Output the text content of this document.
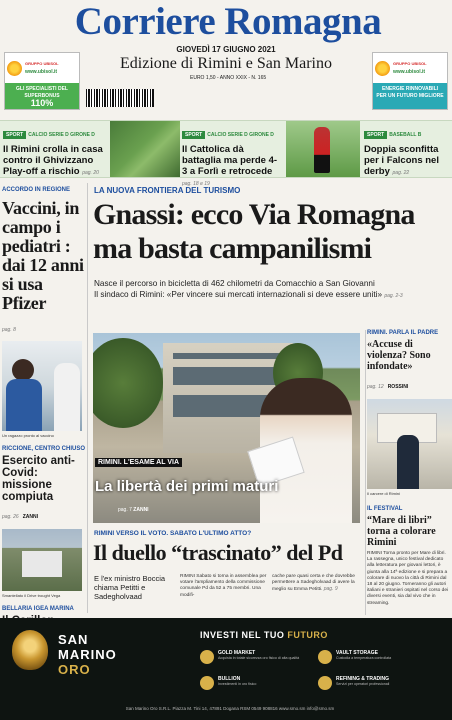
Corriere Romagna
GIOVEDÌ 17 GIUGNO 2021
Edizione di Rimini e San Marino
EURO 1,50 - ANNO XXIX - N. 165
GRUPPO UBISOL
www.ubisol.it
GLI SPECIALISTI DEL SUPERBONUS
110%
GRUPPO UBISOL
www.ubisol.it
ENERGIE RINNOVABILI
PER UN FUTURO MIGLIORE
SPORT CALCIO SERIE D GIRONE D
Il Rimini crolla in casa contro il Ghivizzano Play-off a rischio pag. 20
SPORT CALCIO SERIE D GIRONE D
Il Cattolica dà battaglia ma perde 4-3 a Forlì e retrocede pag. 18 e 19
SPORT BASEBALL B
Doppia sconfitta per i Falcons nel derby pag. 22
ACCORDO IN REGIONE
Vaccini, in campo i pediatri : dai 12 anni si usa Pfizer
pag. 8
Un ragazzo pronto al vaccino
RICCIONE, CENTRO CHIUSO
Esercito anti-Covid: missione compiuta
pag. 26 ZANNI
Smantellato il Drive trought Vega
BELLARIA IGEA MARINA
LA NUOVA FRONTIERA DEL TURISMO
Gnassi: ecco Via Romagna ma basta campanilismi
Nasce il percorso in bicicletta di 462 chilometri da Comacchio a San Giovanni
Il sindaco di Rimini: «Per vincere sui mercati internazionali si deve essere uniti» pag. 2-3
RIMINI. L'ESAME AL VIA
La libertà dei primi maturi
pag. 7 ZANNI
RIMINI VERSO IL VOTO. SABATO L'ULTIMO ATTO?
Il duello “trascinato” del Pd
E l'ex ministro Boccia chiama Petitti e Sadegholvaad
RIMINI Sabato si torna in assemblea per votare l'ampliamento della commissione comunale Pd da 52 a 75 membri. Una modifi-
cache pare quasi certa e che dovrebbe permettere a Sadegholvaad di avere la meglio su Emma Petitti. pag. 9
RIMINI. PARLA IL PADRE
«Accuse di violenza? Sono infondate»
pag. 12 ROSSINI
Il carcere di Rimini
IL FESTIVAL
“Mare di libri” torna a colorare Rimini
RIMINI Torna pronto per Mare di libri. La rassegna, unico festival dedicato alla letteratura per giovani lettori, è giunta alla 14ª edizione e si prepara a colorare di nuovo la città di Rimini dal 18 al 20 giugno. Torneranno gli autori italiani e stranieri ospitati nel corso dei diversi eventi, sia dal vivo che in streaming.
SAN
MARINO
ORO
INVESTI NEL TUO FUTURO
GOLD MARKET
Acquista in totale sicurezza oro fisico di alta qualità
VAULT STORAGE
Custodia a temperatura controllata
BULLION
Investimenti in oro fisico
REFINING & TRADING
Servizi per operatori professionali
San Marino Oro S.R.L. Piazza M. Tini 14, 47891 Dogana RSM 0549 908816 www.smo.sm info@smo.sm
